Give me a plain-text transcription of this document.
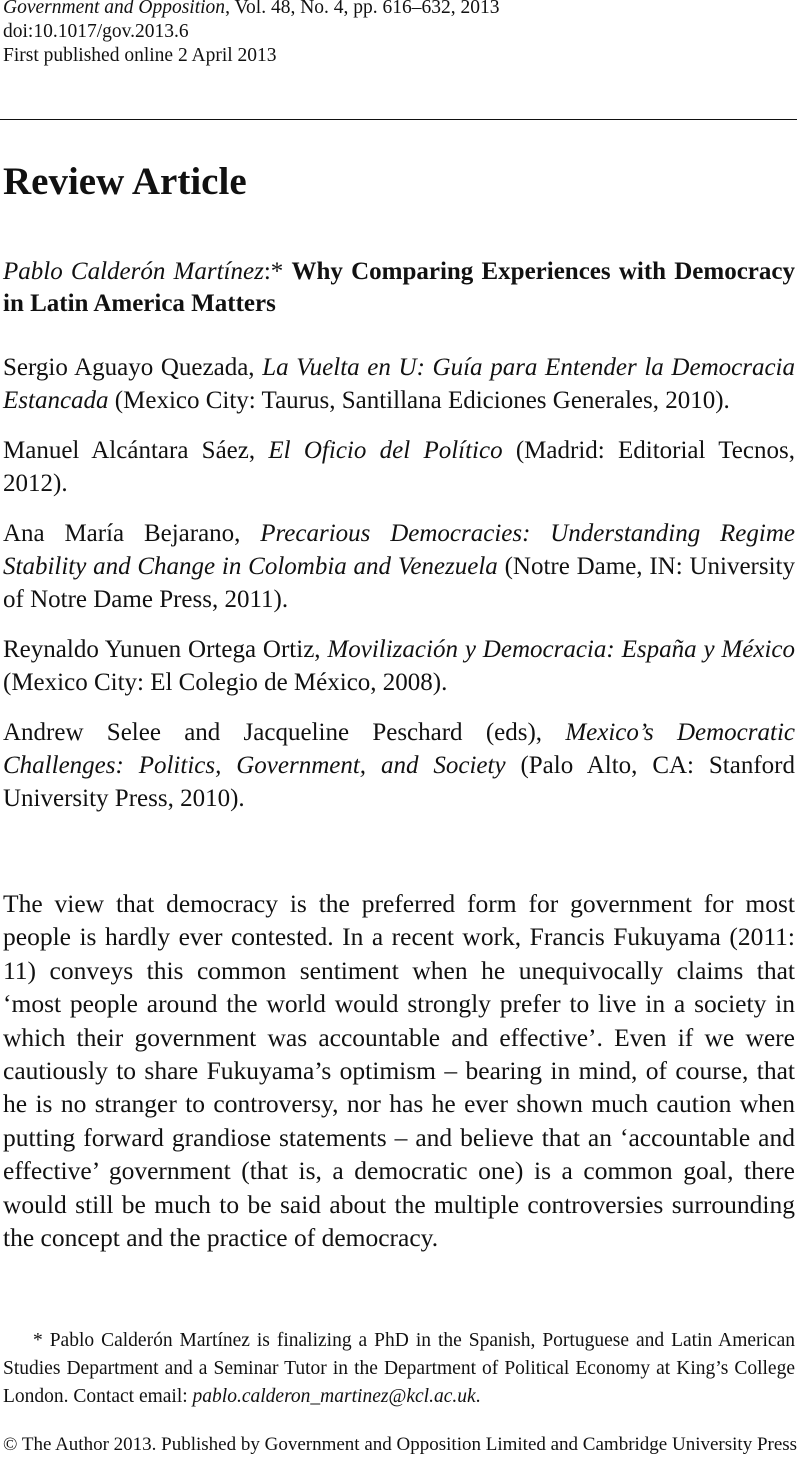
Government and Opposition, Vol. 48, No. 4, pp. 616–632, 2013
doi:10.1017/gov.2013.6
First published online 2 April 2013
Review Article

Pablo Calderón Martínez:* Why Comparing Experiences with Democracy in Latin America Matters

Sergio Aguayo Quezada, La Vuelta en U: Guía para Entender la Democracia Estancada (Mexico City: Taurus, Santillana Ediciones Generales, 2010).
Manuel Alcántara Sáez, El Oficio del Político (Madrid: Editorial Tecnos, 2012).
Ana María Bejarano, Precarious Democracies: Understanding Regime Stability and Change in Colombia and Venezuela (Notre Dame, IN: University of Notre Dame Press, 2011).
Reynaldo Yunuen Ortega Ortiz, Movilización y Democracia: España y México (Mexico City: El Colegio de México, 2008).
Andrew Selee and Jacqueline Peschard (eds), Mexico’s Democratic Challenges: Politics, Government, and Society (Palo Alto, CA: Stanford University Press, 2010).

The view that democracy is the preferred form for government for most people is hardly ever contested. In a recent work, Francis Fukuyama (2011: 11) conveys this common sentiment when he unequivocally claims that ‘most people around the world would strongly prefer to live in a society in which their government was accountable and effective’. Even if we were cautiously to share Fukuyama’s optimism – bearing in mind, of course, that he is no stranger to controversy, nor has he ever shown much caution when putting forward grandiose statements – and believe that an ‘accountable and effective’ government (that is, a democratic one) is a common goal, there would still be much to be said about the multiple controversies surrounding the concept and the practice of democracy.

* Pablo Calderón Martínez is finalizing a PhD in the Spanish, Portuguese and Latin American Studies Department and a Seminar Tutor in the Department of Political Economy at King’s College London. Contact email: pablo.calderon_martinez@kcl.ac.uk.

© The Author 2013. Published by Government and Opposition Limited and Cambridge University Press
